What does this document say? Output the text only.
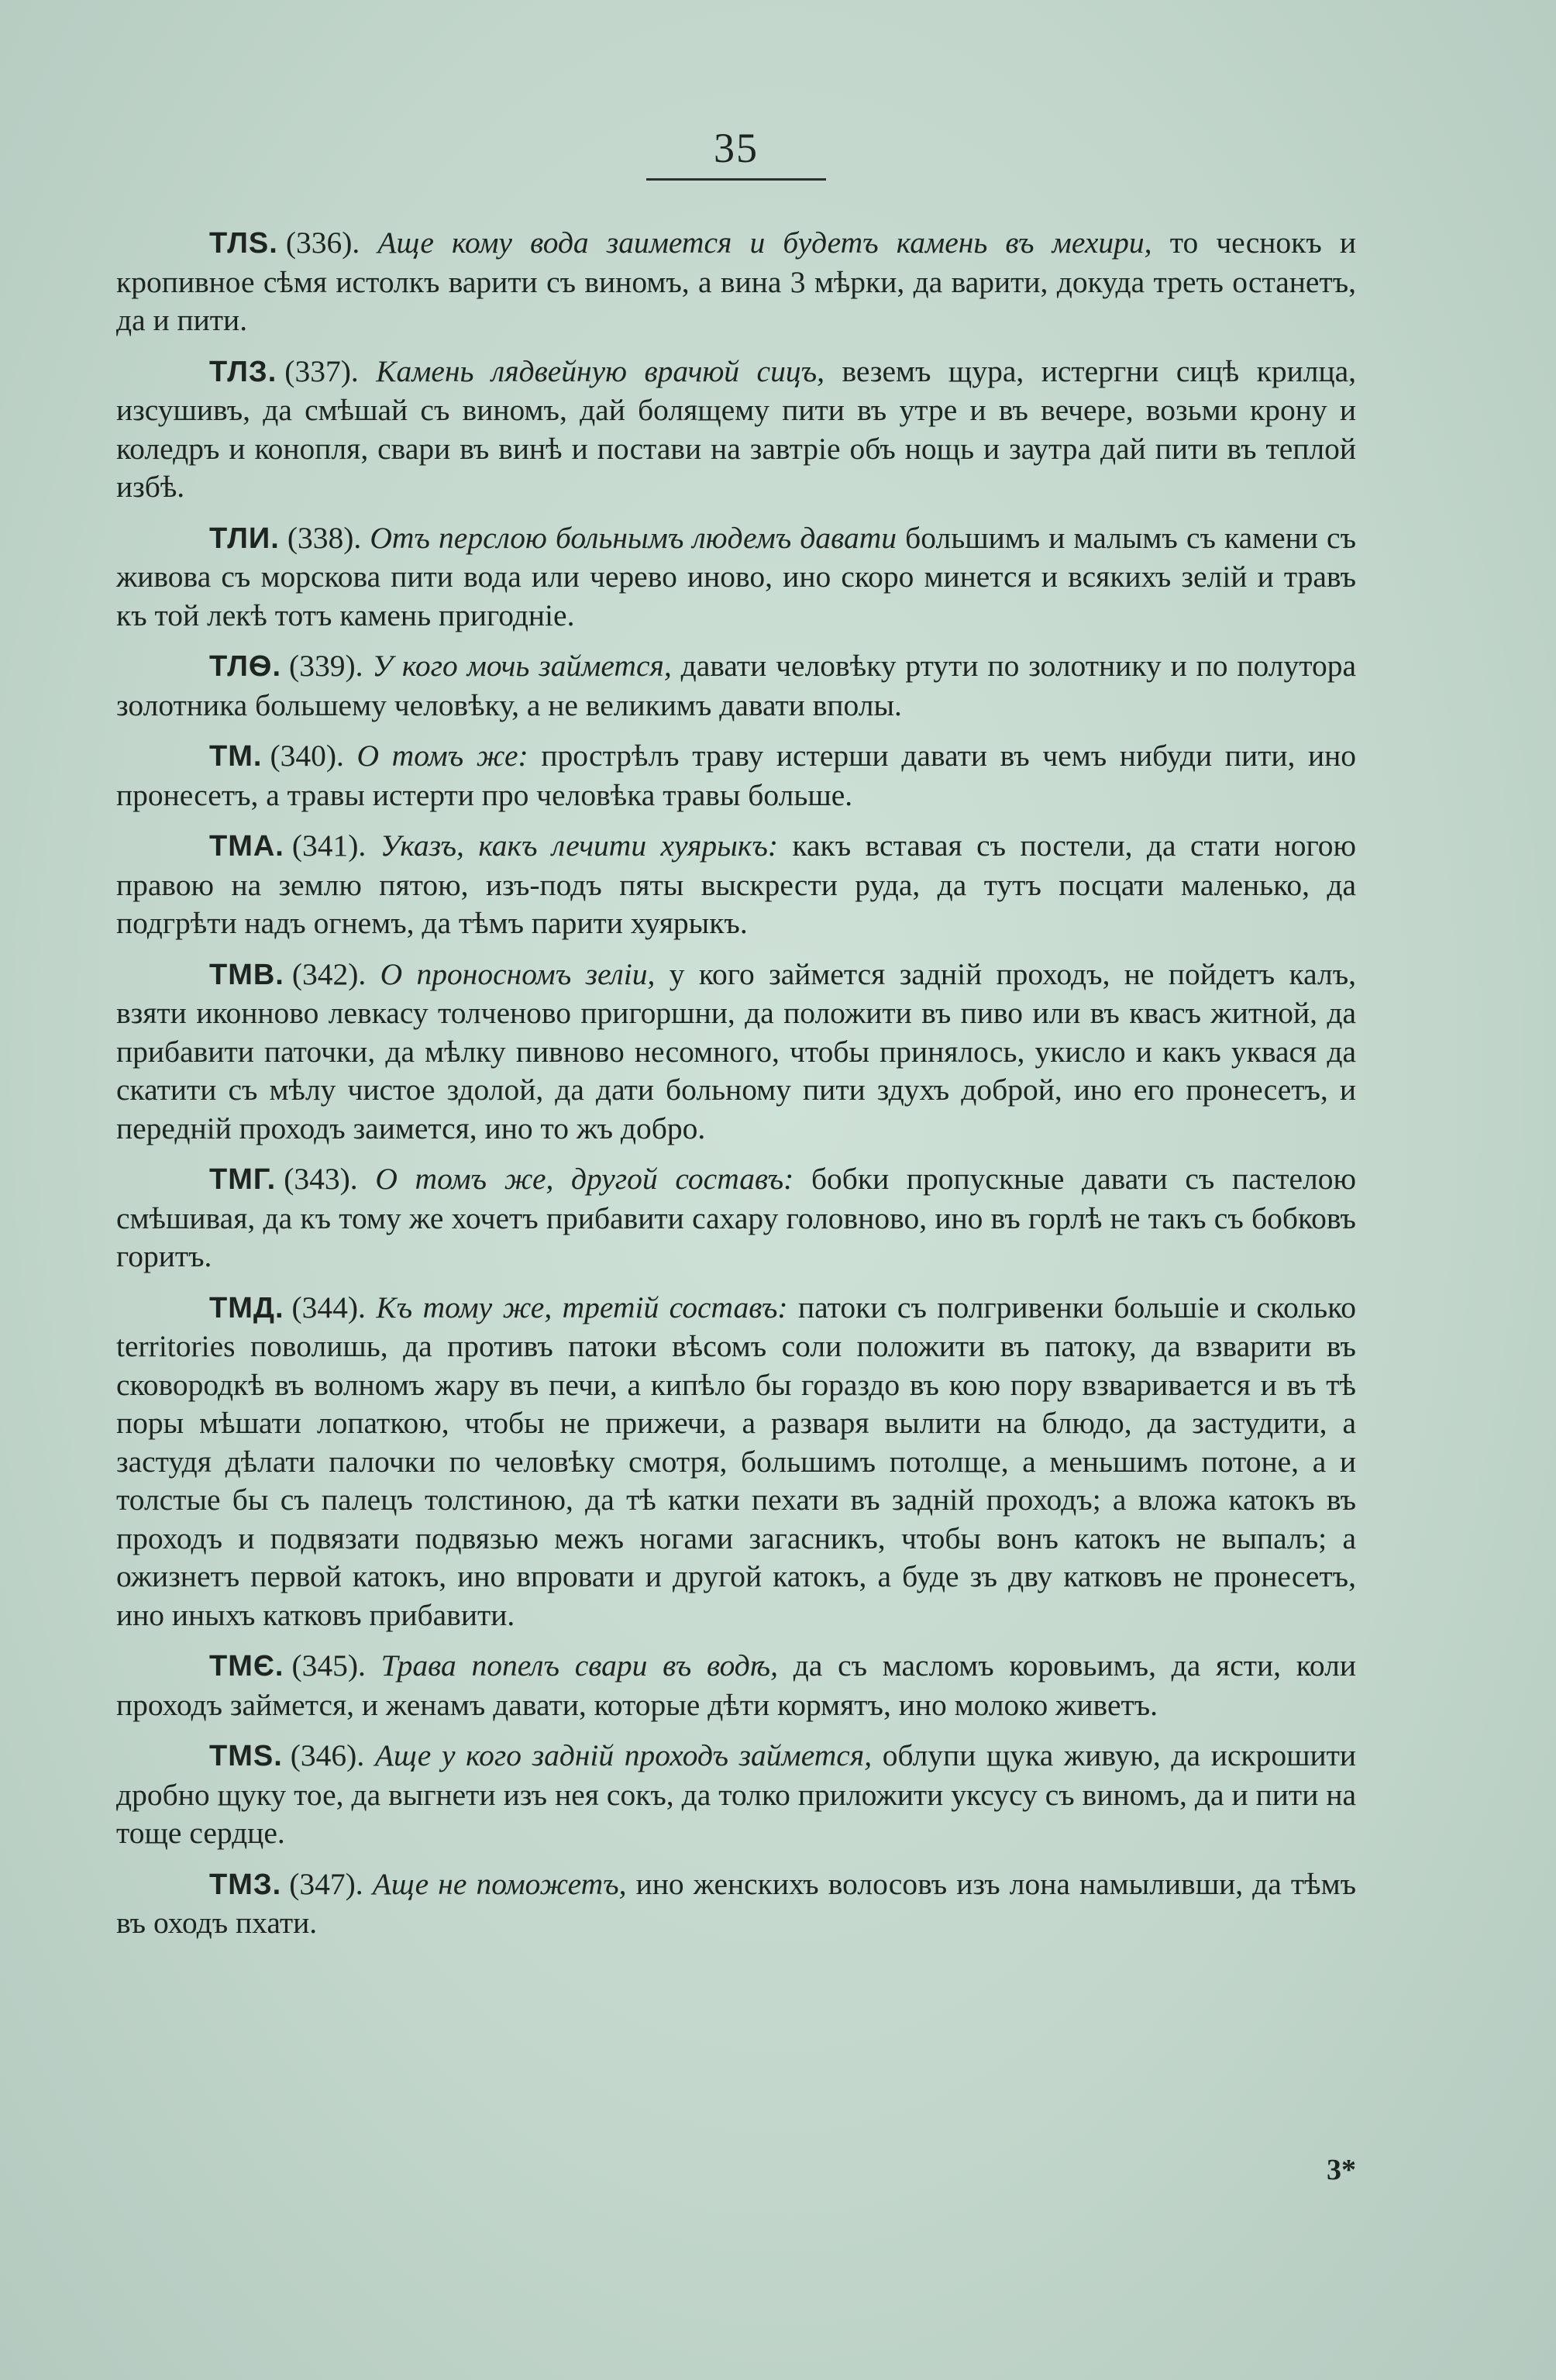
35

ТЛЅ. (336). Аще кому вода заимется и будетъ камень въ мехири, то чеснокъ и кропивное сѣмя истолкъ варити съ виномъ, а вина 3 мѣрки, да варити, докуда треть останетъ, да и пити.

ТЛЗ. (337). Камень лядвейную врачюй сицъ, веземъ щура, истергни сицѣ крилца, изсушивъ, да смѣшай съ виномъ, дай болящему пити въ утре и въ вечере, возьми крону и коледръ и конопля, свари въ винѣ и постави на завтріе объ нощь и заутра дай пити въ теплой избѣ.

ТЛИ. (338). Отъ перслою больнымъ людемъ давати большимъ и малымъ съ камени съ живова съ морскова пити вода или черево иново, ино скоро минется и всякихъ зелій и травъ къ той лекѣ тотъ камень пригодніе.

ТЛѲ. (339). У кого мочь займется, давати человѣку ртути по золотнику и по полутора золотника большему человѣку, а не великимъ давати вполы.

ТМ. (340). О томъ же: прострѣлъ траву истерши давати въ чемъ нибуди пити, ино пронесетъ, а травы истерти про человѣка травы больше.

ТМА. (341). Указъ, какъ лечити хуярыкъ: какъ вставая съ постели, да стати ногою правою на землю пятою, изъ-подъ пяты выскрести руда, да тутъ посцати маленько, да подгрѣти надъ огнемъ, да тѣмъ парити хуярыкъ.

ТМВ. (342). О проносномъ зеліи, у кого займется задній проходъ, не пойдетъ калъ, взяти иконново левкасу толченово пригоршни, да положити въ пиво или въ квасъ житной, да прибавити паточки, да мѣлку пивново несомного, чтобы принялось, укисло и какъ уквася да скатити съ мѣлу чистое здолой, да дати больному пити здухъ доброй, ино его пронесетъ, и передній проходъ заимется, ино то жъ добро.

ТМГ. (343). О томъ же, другой составъ: бобки пропускные давати съ пастелою смѣшивая, да къ тому же хочетъ прибавити сахару головново, ино въ горлѣ не такъ съ бобковъ горитъ.

ТМД. (344). Къ тому же, третій составъ: патоки съ полгривенки большіе и сколько territories поволишь, да противъ патоки вѣсомъ соли положити въ патоку, да взварити въ сковородкѣ въ волномъ жару въ печи, а кипѣло бы гораздо въ кою пору взваривается и въ тѣ поры мѣшати лопаткою, чтобы не прижечи, а разваря вылити на блюдо, да застудити, а застудя дѣлати палочки по человѣку смотря, большимъ потолще, а меньшимъ потоне, а и толстые бы съ палецъ толстиною, да тѣ катки пехати въ задній проходъ; а вложа катокъ въ проходъ и подвязати подвязью межъ ногами загасникъ, чтобы вонъ катокъ не выпалъ; а ожизнетъ первой катокъ, ино впровати и другой катокъ, а буде зъ дву катковъ не пронесетъ, ино иныхъ катковъ прибавити.

ТМЄ. (345). Трава попелъ свари въ водѣ, да съ масломъ коровьимъ, да ясти, коли проходъ займется, и женамъ давати, которые дѣти кормятъ, ино молоко живетъ.

ТМЅ. (346). Аще у кого задній проходъ займется, облупи щука живую, да искрошити дробно щуку тое, да выгнети изъ нея сокъ, да толко приложити уксусу съ виномъ, да и пити на тоще сердце.

ТМЗ. (347). Аще не поможетъ, ино женскихъ волосовъ изъ лона намыливши, да тѣмъ въ оходъ пхати.

3*
